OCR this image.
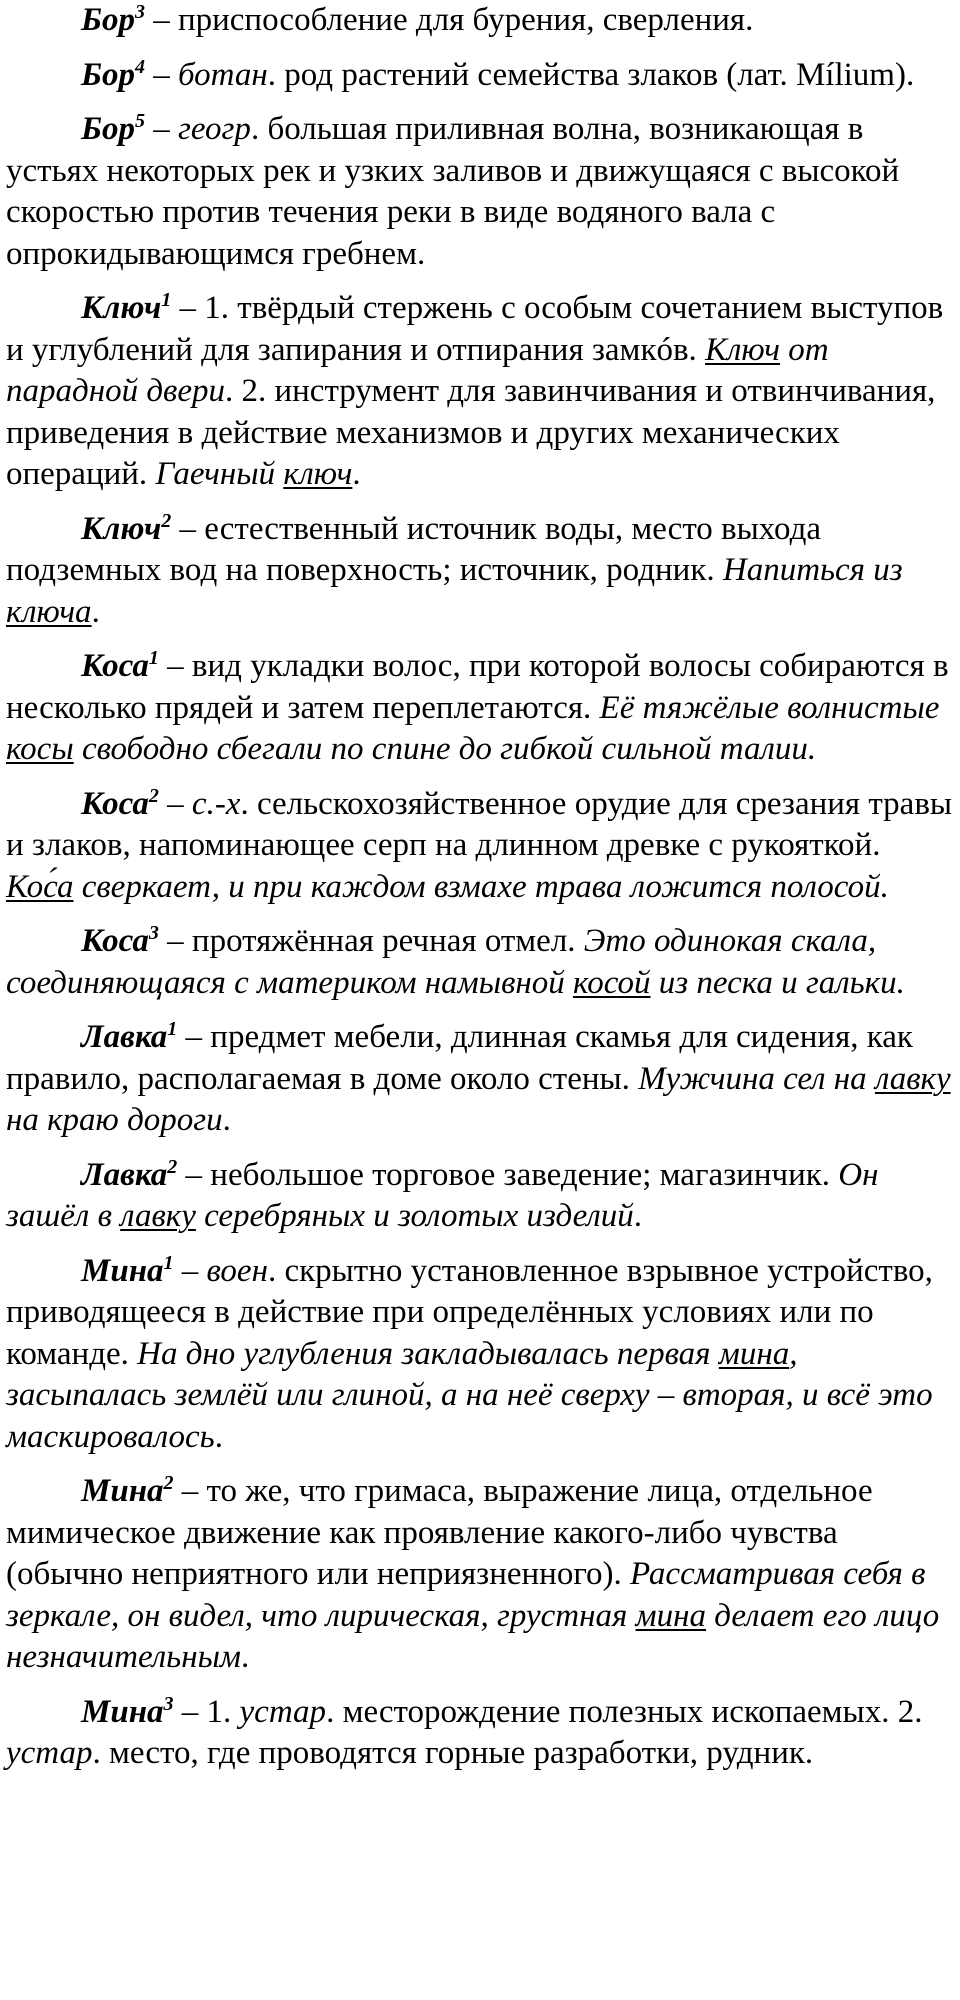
Бор$^3$ – приспособление для бурения, сверления.

Бор$^4$ – ботан. род растений семейства злаков (лат. Mílium).

Бор$^5$ – геогр. большая приливная волна, возникающая в устьях некоторых рек и узких заливов и движущаяся с высокой скоростью против течения реки в виде водяного вала с опрокидывающимся гребнем.

Ключ$^1$ – 1. твёрдый стержень с особым сочетанием выступов и углублений для запирания и отпирания замкóв. Ключ от парадной двери. 2. инструмент для завинчивания и отвинчивания, приведения в действие механизмов и других механических операций. Гаечный ключ.

Ключ$^2$ – естественный источник воды, место выхода подземных вод на поверхность; источник, родник. Напиться из ключа.

Коса$^1$ – вид укладки волос, при которой волосы собираются в несколько прядей и затем переплетаются. Её тяжёлые волнистые косы свободно сбегали по спине до гибкой сильной талии.

Коса$^2$ – с.-х. сельскохозяйственное орудие для срезания травы и злаков, напоминающее серп на длинном древке с рукояткой. Кос́а сверкает, и при каждом взмахе трава ложится полосой.

Коса$^3$ – протяжённая речная отмел. Это одинокая скала, соединяющаяся с материком намывной косой из песка и гальки.

Лавка$^1$ – предмет мебели, длинная скамья для сидения, как правило, располагаемая в доме около стены. Мужчина сел на лавку на краю дороги.

Лавка$^2$ – небольшое торговое заведение; магазинчик. Он зашёл в лавку серебряных и золотых изделий.

Мина$^1$ – воен. скрытно установленное взрывное устройство, приводящееся в действие при определённых условиях или по команде. На дно углубления закладывалась первая мина, засыпалась землёй или глиной, а на неё сверху – вторая, и всё это маскировалось.

Мина$^2$ – то же, что гримаса, выражение лица, отдельное мимическое движение как проявление какого-либо чувства (обычно неприятного или неприязненного). Рассматривая себя в зеркале, он видел, что лирическая, грустная мина делает его лицо незначительным.

Мина$^3$ – 1. устар. месторождение полезных ископаемых. 2. устар. место, где проводятся горные разработки, рудник.
